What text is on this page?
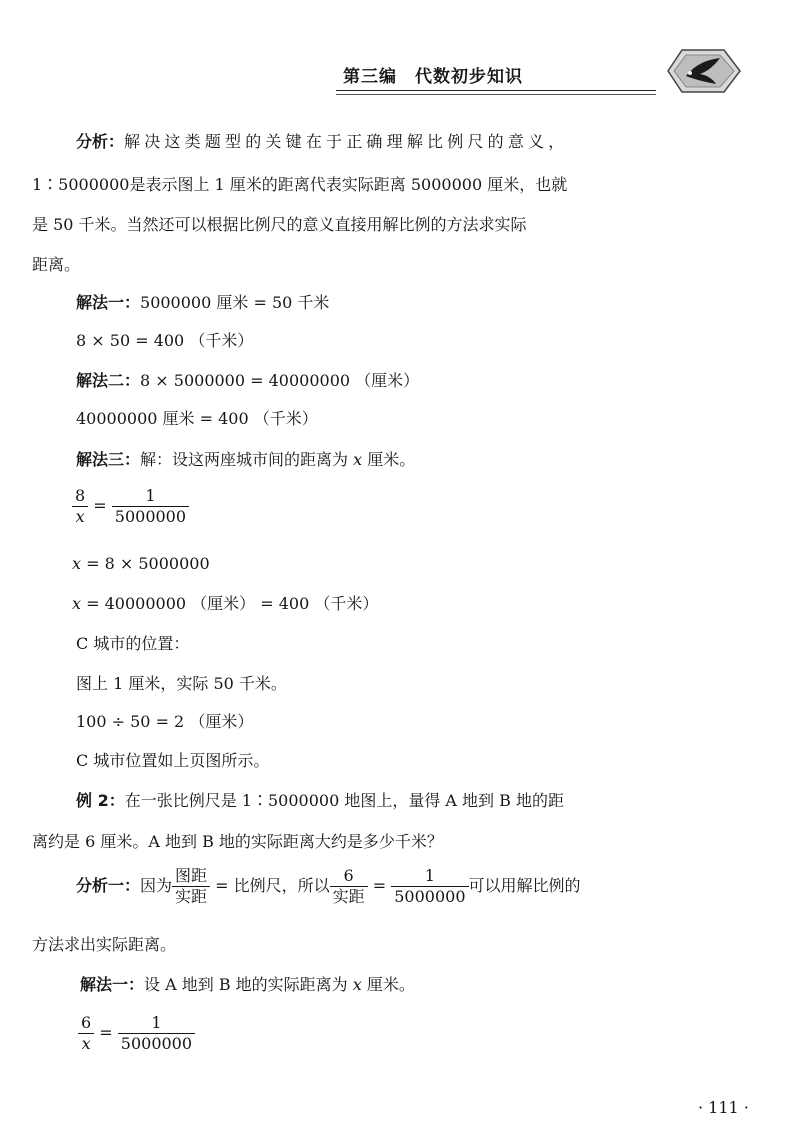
第三编　代数初步知识
分析：解决这类题型的关键在于正确理解比例尺的意义，
1∶5000000是表示图上 1 厘米的距离代表实际距离 5000000 厘米，也就
是 50 千米。当然还可以根据比例尺的意义直接用解比例的方法求实际
距离。
解法一：5000000 厘米 = 50 千米
8 × 50 = 400 （千米）
解法二：8 × 5000000 = 40000000 （厘米）
40000000 厘米 = 400 （千米）
解法三：解：设这两座城市间的距离为 x 厘米。
$\frac{8}{x} = \frac{1}{5000000}$
x = 8 × 5000000
x = 40000000 （厘米） = 400 （千米）
C 城市的位置：
图上 1 厘米，实际 50 千米。
100 ÷ 50 = 2 （厘米）
C 城市位置如上页图所示。
例 2：在一张比例尺是 1∶5000000 地图上，量得 A 地到 B 地的距
离约是 6 厘米。A 地到 B 地的实际距离大约是多少千米？
分析一：因为 $\frac{\text{图距}}{\text{实距}}$ = 比例尺，所以 $\frac{6}{\text{实距}} = \frac{1}{5000000}$ 可以用解比例的
方法求出实际距离。
解法一：设 A 地到 B 地的实际距离为 x 厘米。
$\frac{6}{x} = \frac{1}{5000000}$
· 111 ·
